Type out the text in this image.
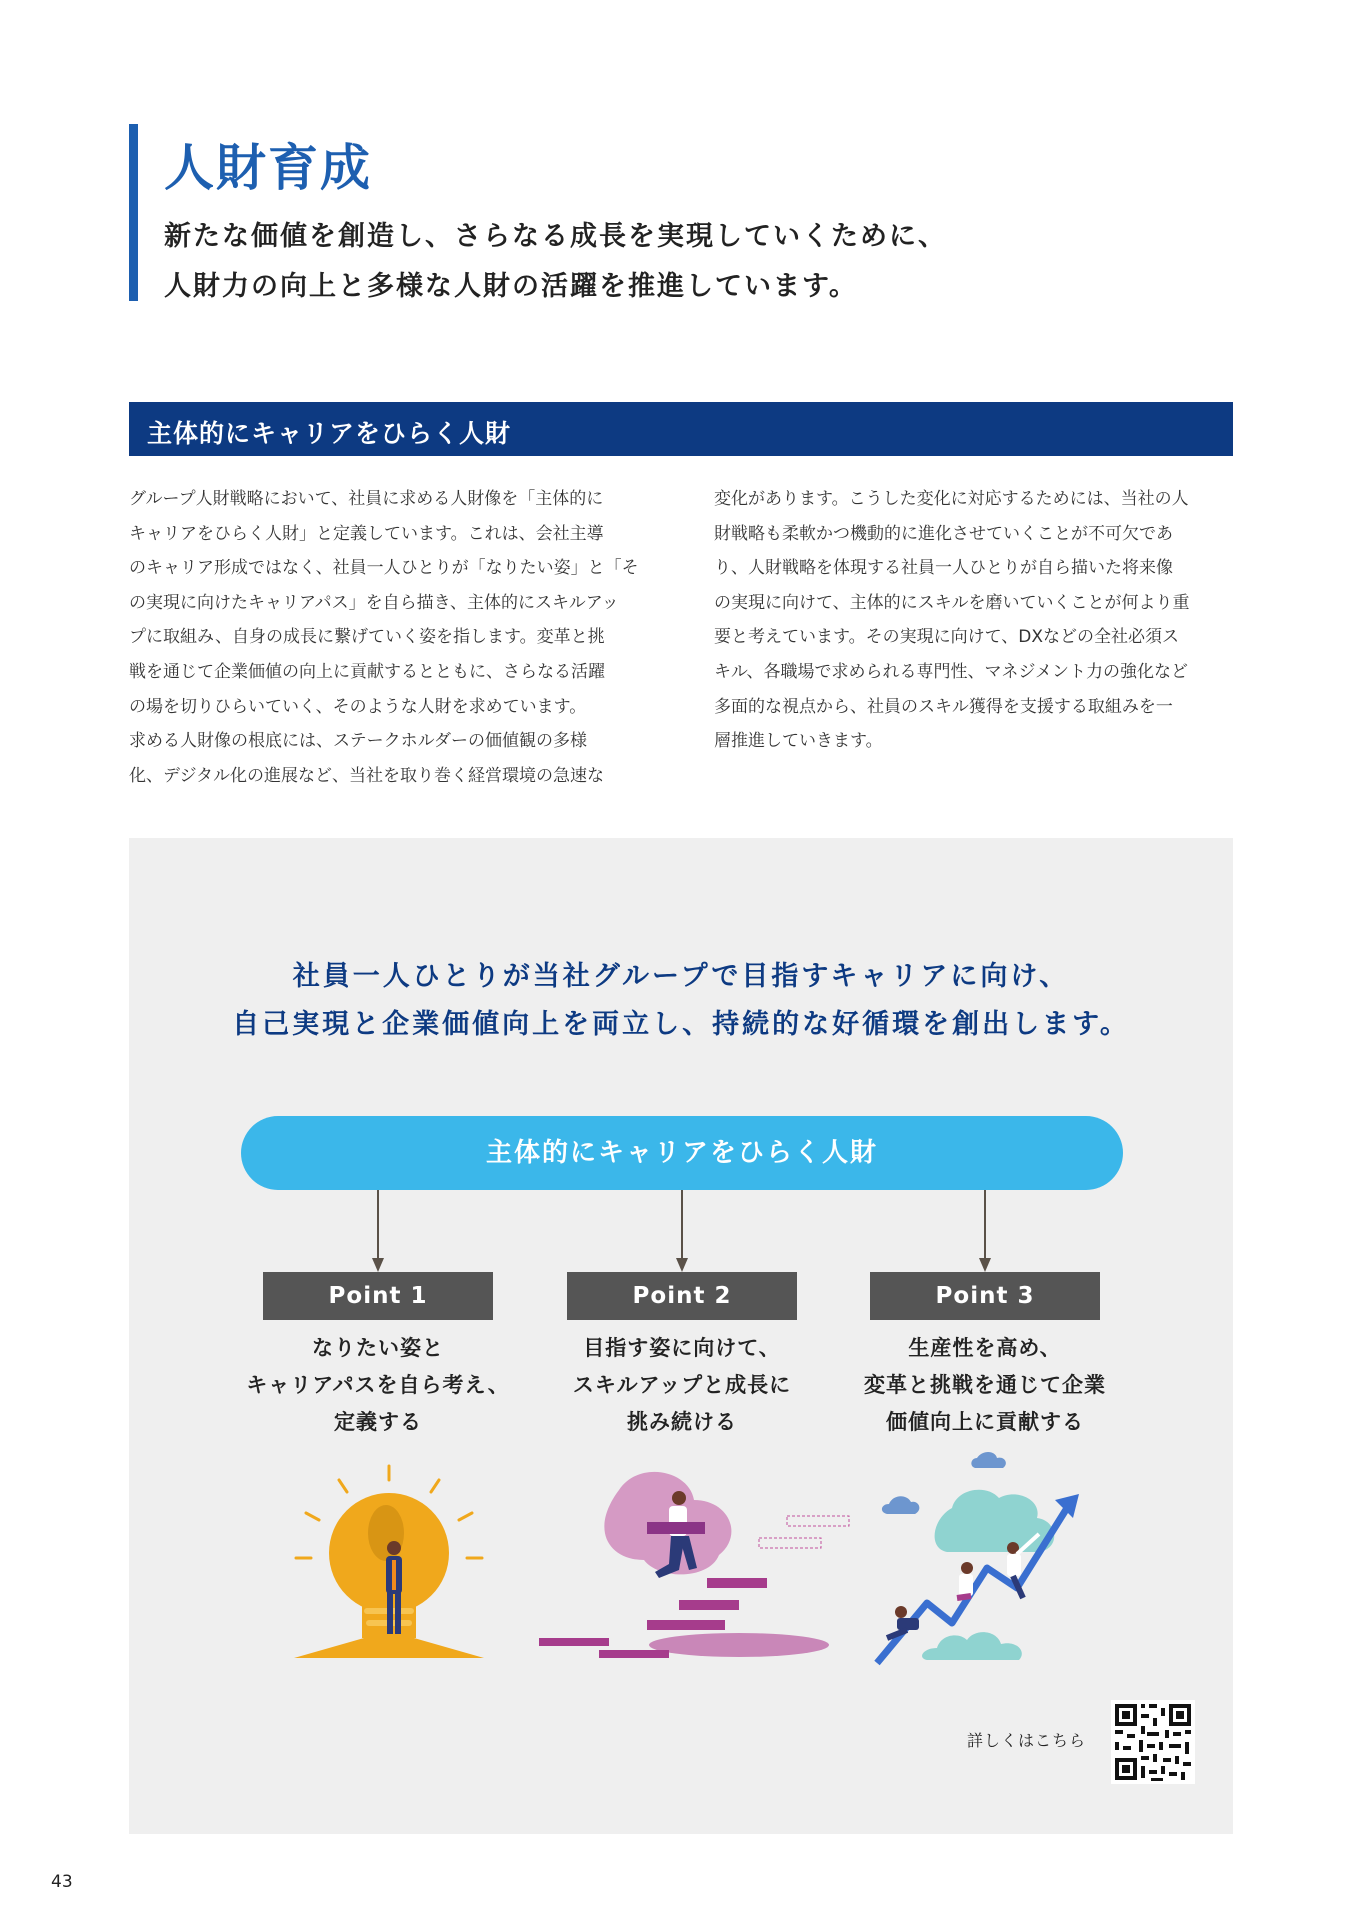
人財育成
新たな価値を創造し、さらなる成長を実現していくために、
人財力の向上と多様な人財の活躍を推進しています。
主体的にキャリアをひらく人財
グループ人財戦略において、社員に求める人財像を「主体的に
キャリアをひらく人財」と定義しています。これは、会社主導
のキャリア形成ではなく、社員一人ひとりが「なりたい姿」と「そ
の実現に向けたキャリアパス」を自ら描き、主体的にスキルアッ
プに取組み、自身の成長に繋げていく姿を指します。変革と挑
戦を通じて企業価値の向上に貢献するとともに、さらなる活躍
の場を切りひらいていく、そのような人財を求めています。
求める人財像の根底には、ステークホルダーの価値観の多様
化、デジタル化の進展など、当社を取り巻く経営環境の急速な
変化があります。こうした変化に対応するためには、当社の人
財戦略も柔軟かつ機動的に進化させていくことが不可欠であ
り、人財戦略を体現する社員一人ひとりが自ら描いた将来像
の実現に向けて、主体的にスキルを磨いていくことが何より重
要と考えています。その実現に向けて、DXなどの全社必須ス
キル、各職場で求められる専門性、マネジメント力の強化など
多面的な視点から、社員のスキル獲得を支援する取組みを一
層推進していきます。
社員一人ひとりが当社グループで目指すキャリアに向け、
自己実現と企業価値向上を両立し、持続的な好循環を創出します。
主体的にキャリアをひらく人財
Point 1
なりたい姿と
キャリアパスを自ら考え、
定義する
Point 2
目指す姿に向けて、
スキルアップと成長に
挑み続ける
Point 3
生産性を高め、
変革と挑戦を通じて企業
価値向上に貢献する
詳しくはこちら
43
